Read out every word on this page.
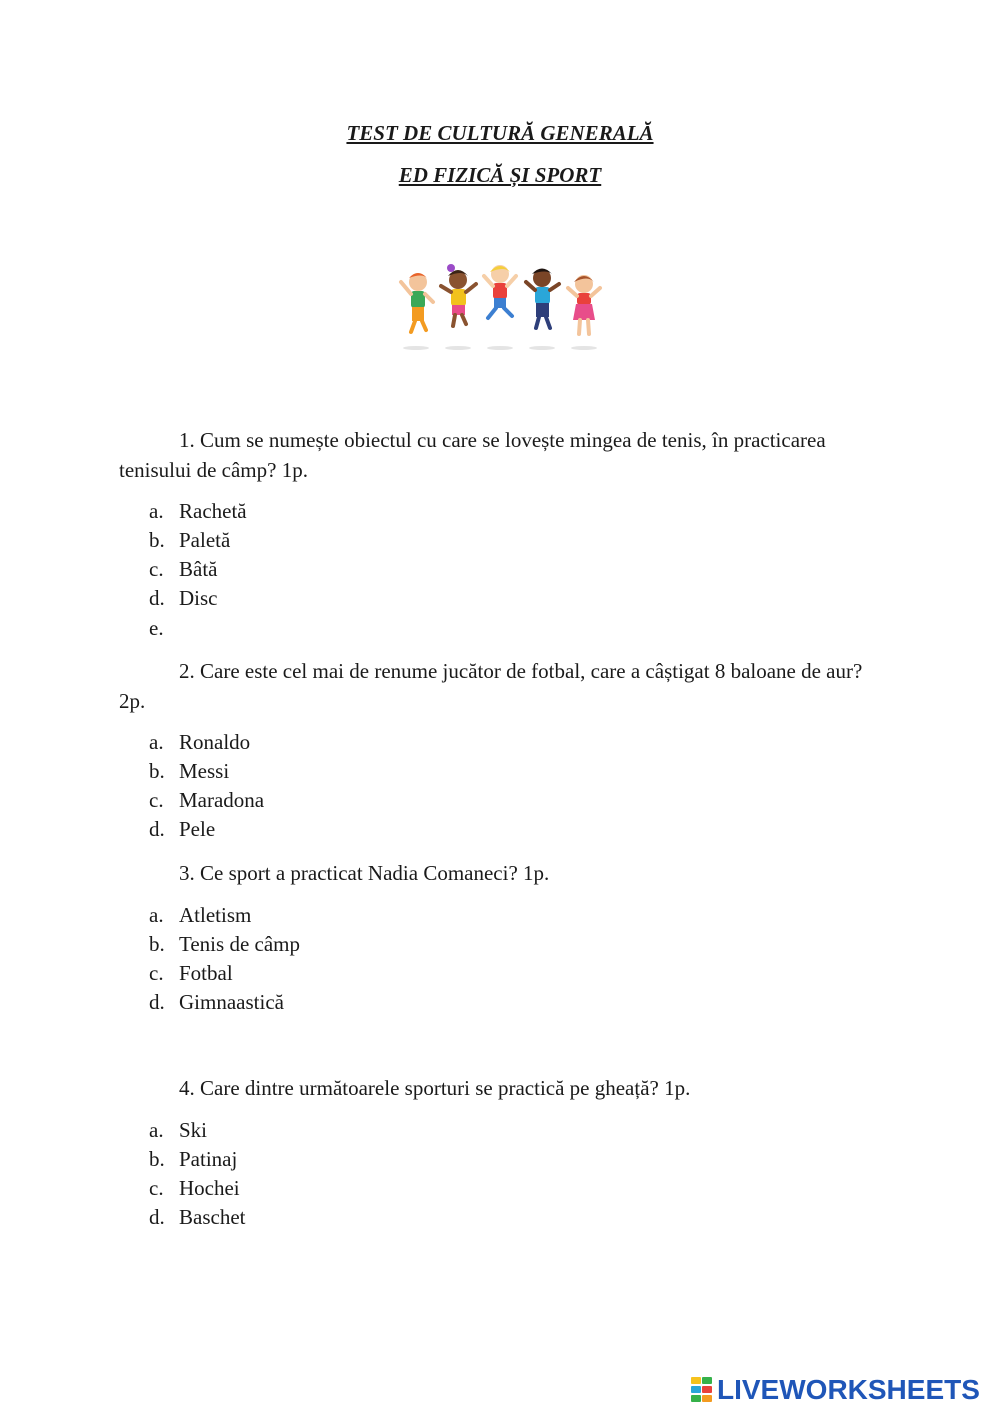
TEST DE CULTURĂ GENERALĂ
ED FIZICĂ ȘI SPORT
1. Cum se numește obiectul cu care se lovește mingea de tenis, în practicarea tenisului de câmp? 1p.
a. Rachetă
b. Paletă
c. Bâtă
d. Disc
e.
2. Care este cel mai de renume jucător de fotbal, care a câștigat 8 baloane de aur? 2p.
a. Ronaldo
b. Messi
c. Maradona
d. Pele
3. Ce sport a practicat Nadia Comaneci? 1p.
a. Atletism
b. Tenis de câmp
c. Fotbal
d. Gimnaastică
4. Care dintre următoarele sporturi se practică pe gheață? 1p.
a. Ski
b. Patinaj
c. Hochei
d. Baschet
LIVEWORKSHEETS
